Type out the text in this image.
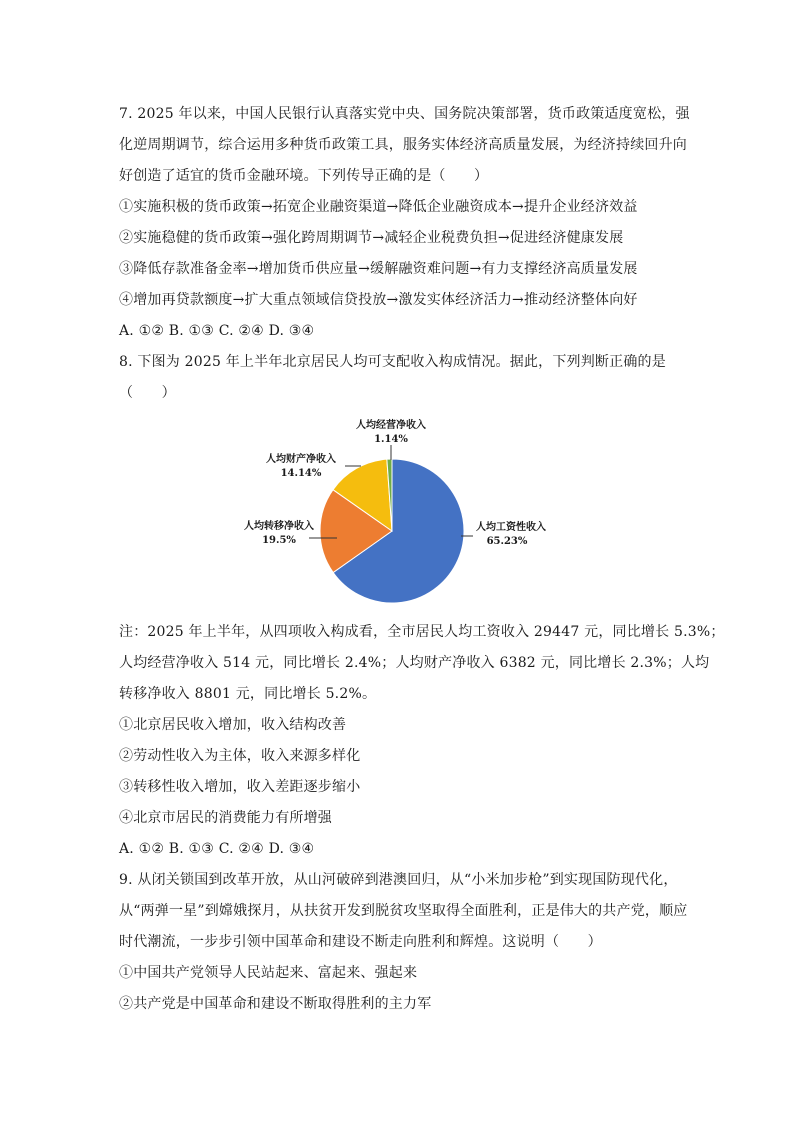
7. 2025 年以来，中国人民银行认真落实党中央、国务院决策部署，货币政策适度宽松，强
化逆周期调节，综合运用多种货币政策工具，服务实体经济高质量发展，为经济持续回升向
好创造了适宜的货币金融环境。下列传导正确的是（　　）
①实施积极的货币政策→拓宽企业融资渠道→降低企业融资成本→提升企业经济效益
②实施稳健的货币政策→强化跨周期调节→减轻企业税费负担→促进经济健康发展
③降低存款准备金率→增加货币供应量→缓解融资难问题→有力支撑经济高质量发展
④增加再贷款额度→扩大重点领域信贷投放→激发实体经济活力→推动经济整体向好
A. ①② B. ①③ C. ②④ D. ③④
8. 下图为 2025 年上半年北京居民人均可支配收入构成情况。据此，下列判断正确的是
（　　）
人均工资性收入
65.23%
人均转移净收入
19.5%
人均财产净收入
14.14%
人均经营净收入
1.14%
注：2025 年上半年，从四项收入构成看，全市居民人均工资收入 29447 元，同比增长 5.3%；
人均经营净收入 514 元，同比增长 2.4%；人均财产净收入 6382 元，同比增长 2.3%；人均
转移净收入 8801 元，同比增长 5.2%。
①北京居民收入增加，收入结构改善
②劳动性收入为主体，收入来源多样化
③转移性收入增加，收入差距逐步缩小
④北京市居民的消费能力有所增强
A. ①② B. ①③ C. ②④ D. ③④
9. 从闭关锁国到改革开放，从山河破碎到港澳回归，从“小米加步枪”到实现国防现代化，
从“两弹一星”到嫦娥探月，从扶贫开发到脱贫攻坚取得全面胜利，正是伟大的共产党，顺应
时代潮流，一步步引领中国革命和建设不断走向胜利和辉煌。这说明（　　）
①中国共产党领导人民站起来、富起来、强起来
②共产党是中国革命和建设不断取得胜利的主力军
